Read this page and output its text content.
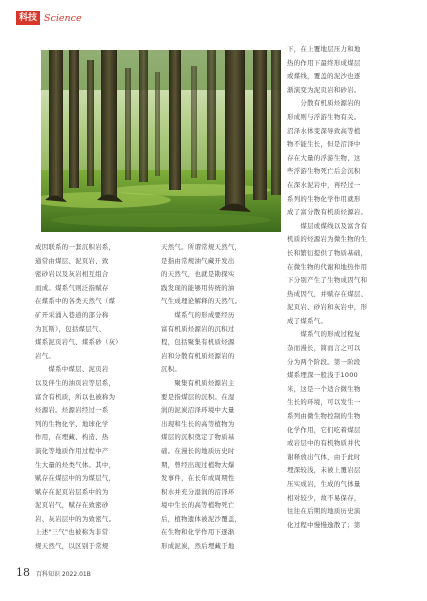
科技 Science

成因联系的一套沉积岩系，

通常由煤层、泥页岩、致

密砂岩以及灰岩相互组合

而成。煤系气则泛指赋存

在煤系中的各类天然气（煤

矿开采涌入巷道的部分称

为瓦斯），包括煤层气、

煤系泥页岩气、煤系砂（灰）

岩气。

　　煤系中煤层、泥页岩

以及伴生的油页岩等层系，

富含有机质，所以也被称为

烃源岩。烃源岩经过一系

列的生物化学、地球化学

作用，在埋藏、构造、热

演化等地质作用过程中产

生大量的烃类气体。其中，

赋存在煤层中的为煤层气，

赋存在泥页岩层系中的为

泥页岩气，赋存在致密砂

岩、灰岩层中的为致密气。

上述"三气"也被称为非常

规天然气，以区别于常规

天然气。所谓常规天然气，

是指由常规油气藏开发出

的天然气，也就是勘探实

践发现的能够用传统的油

气生成理论解释的天然气。

　　煤系气的形成要经历

富有机质烃源岩的沉积过

程，包括聚集有机质烃源

岩和分散有机质烃源岩的

沉积。

　　聚集有机质烃源岩主

要是指煤层的沉积。在湿

润的泥炭沼泽环境中大量

出现和生长的高等植物为

煤层的沉积奠定了物质基

础。在漫长的地质历史时

期，曾经出现过植物大爆

发事件，在长年或周期性

积水并充分湿润的沼泽环

境中生长的高等植物死亡

后，植物遗体被泥沙覆盖，

在生物和化学作用下逐渐

形成泥炭，然后埋藏于地

下，在上覆地层压力和地

热的作用下最终形成煤层

或煤线，覆盖的泥沙也逐

渐演变为泥页岩和砂岩。

　　分散有机质烃源岩的

形成则与浮游生物有关。

沼泽水体变深导致高等植

物不能生长，但是沼泽中

存在大量的浮游生物，这

些浮游生物死亡后会沉积

在深水泥岩中，再经过一

系列的生物化学作用就形

成了富分散有机质烃源岩。

　　煤层或煤线以及富含有

机质的烃源岩为微生物的生

长和繁衍提供了物质基础，

在微生物的代谢和地热作用

下分别产生了生物成因气和

热成因气，并赋存在煤层、

泥页岩、砂岩和灰岩中，形

成了煤系气。

　　煤系气的形成过程复

杂而漫长，简而言之可以

分为两个阶段。第一阶段

煤系埋深一般浅于1000

米，这是一个适合微生物

生长的环境，可以发生一

系列由微生物控制的生物

化学作用，它们吃着煤层

或岩层中的有机物质并代

谢释放出气体，由于此时

埋深较浅，未被上覆岩层

压实成岩，生成的气体量

相对较少，故不易保存，

往往在后期的地质历史演

化过程中慢慢逸散了；第

18 百科知识 2022.01B
